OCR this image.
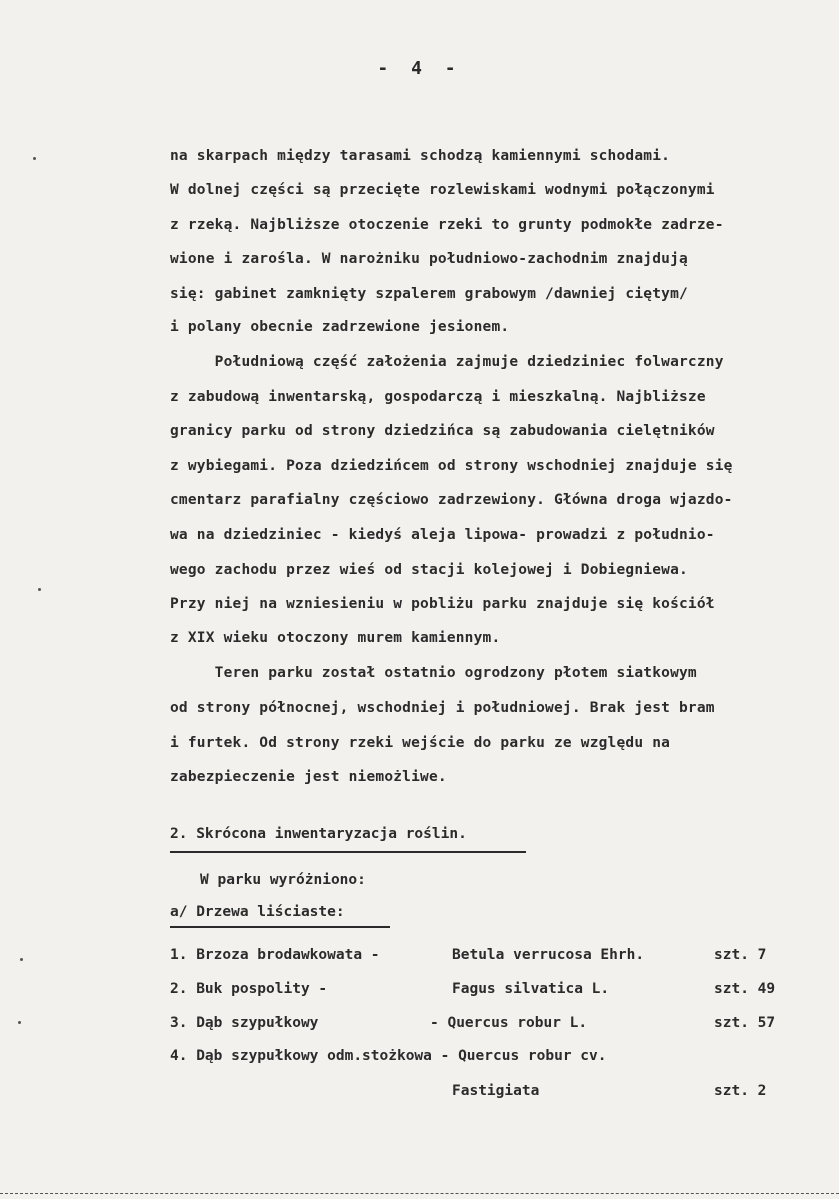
- 4 -
na skarpach między tarasami schodzą kamiennymi schodami.
W dolnej części są przecięte rozlewiskami wodnymi połączonymi
z rzeką. Najbliższe otoczenie rzeki to grunty podmokłe zadrze-
wione i zarośla. W narożniku południowo-zachodnim znajdują
się: gabinet zamknięty szpalerem grabowym /dawniej ciętym/
i polany obecnie zadrzewione jesionem.
Południową część założenia zajmuje dziedziniec folwarczny
z zabudową inwentarską, gospodarczą i mieszkalną. Najbliższe
granicy parku od strony dziedzińca są zabudowania cielętników
z wybiegami. Poza dziedzińcem od strony wschodniej znajduje się
cmentarz parafialny częściowo zadrzewiony. Główna droga wjazdo-
wa na dziedziniec - kiedyś aleja lipowa- prowadzi z południo-
wego zachodu przez wieś od stacji kolejowej i Dobiegniewa.
Przy niej na wzniesieniu w pobliżu parku znajduje się kościół
z XIX wieku otoczony murem kamiennym.
Teren parku został ostatnio ogrodzony płotem siatkowym
od strony północnej, wschodniej i południowej. Brak jest bram
i furtek. Od strony rzeki wejście do parku ze względu na
zabezpieczenie jest niemożliwe.
2. Skrócona inwentaryzacja roślin.
W parku wyróżniono:
a/ Drzewa liściaste:
1. Brzoza brodawkowata -	Betula verrucosa Ehrh.	szt. 7
2. Buk pospolity -	Fagus silvatica L.	szt. 49
3. Dąb szypułkowy	- Quercus robur L.	szt. 57
4. Dąb szypułkowy odm.stożkowa - Quercus robur cv.
Fastigiata	szt. 2
